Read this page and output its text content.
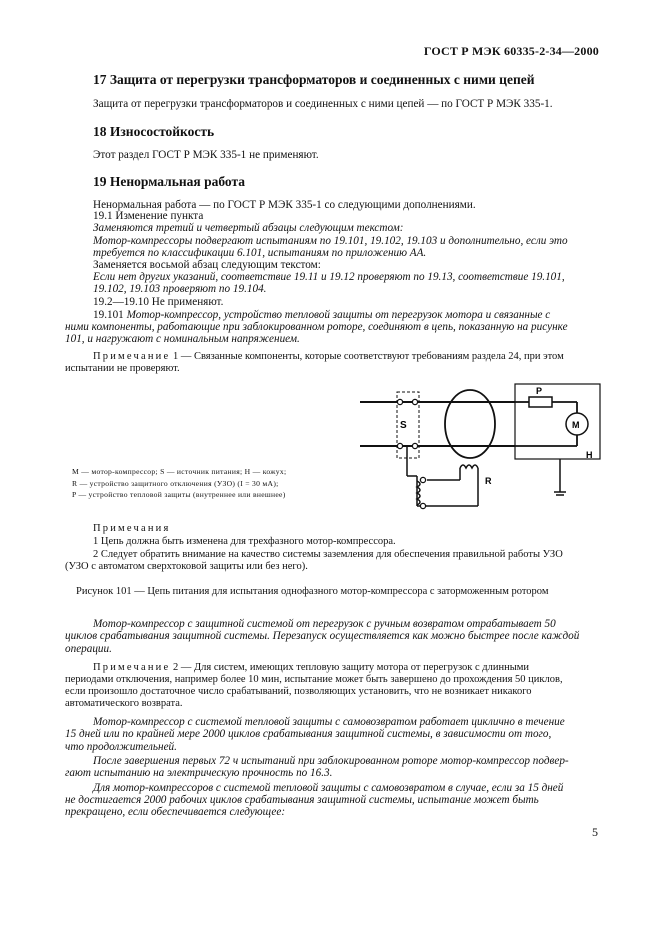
ГОСТ Р МЭК 60335-2-34—2000
17 Защита от перегрузки трансформаторов и соединенных с ними цепей
Защита от перегрузки трансформаторов и соединенных с ними цепей — по ГОСТ Р МЭК 335-1.
18 Износостойкость
Этот раздел ГОСТ Р МЭК 335-1 не применяют.
19 Ненормальная работа
Ненормальная работа — по ГОСТ Р МЭК 335-1 со следующими дополнениями.
19.1 Изменение пункта
Заменяются третий и четвертый абзацы следующим текстом:
Мотор-компрессоры подвергают испытаниям по 19.101, 19.102, 19.103 и дополнительно, если это
требуется по классификации 6.101, испытаниям по приложению АА.
Заменяется восьмой абзац следующим текстом:
Если нет других указаний, соответствие 19.11 и 19.12 проверяют по 19.13, соответствие 19.101,
19.102, 19.103 проверяют по 19.104.
19.2—19.10 Не применяют.
19.101 Мотор-компрессор, устройство тепловой защиты от перегрузок мотора и связанные с
ними компоненты, работающие при заблокированном роторе, соединяют в цепь, показанную на рисунке
101, и нагружают с номинальным напряжением.
Примечание 1 — Связанные компоненты, которые соответствуют требованиям раздела 24, при этом
испытании не проверяют.
S
P
M
H
R
M — мотор-компрессор; S — источник питания; H — кожух;
R — устройство защитного отключения (УЗО) (I = 30 мА);
P — устройство тепловой защиты (внутреннее или внешнее)
Примечания
1 Цепь должна быть изменена для трехфазного мотор-компрессора.
2 Следует обратить внимание на качество системы заземления для обеспечения правильной работы УЗО
(УЗО с автоматом сверхтоковой защиты или без него).
Рисунок 101 — Цепь питания для испытания однофазного мотор-компрессора с заторможенным ротором
Мотор-компрессор с защитной системой от перегрузок с ручным возвратом отрабатывает 50
циклов срабатывания защитной системы. Перезапуск осуществляется как можно быстрее после каждой
операции.
Примечание 2 — Для систем, имеющих тепловую защиту мотора от перегрузок с длинными
периодами отключения, например более 10 мин, испытание может быть завершено до прохождения 50 циклов,
если произошло достаточное число срабатываний, позволяющих установить, что не возникает никакого
автоматического возврата.
Мотор-компрессор с системой тепловой защиты с самовозвратом работает циклично в течение
15 дней или по крайней мере 2000 циклов срабатывания защитной системы, в зависимости от того,
что продолжительней.
После завершения первых 72 ч испытаний при заблокированном роторе мотор-компрессор подвер-
гают испытанию на электрическую прочность по 16.3.
Для мотор-компрессоров с системой тепловой защиты с самовозвратом в случае, если за 15 дней
не достигается 2000 рабочих циклов срабатывания защитной системы, испытание может быть
прекращено, если обеспечивается следующее:
5
